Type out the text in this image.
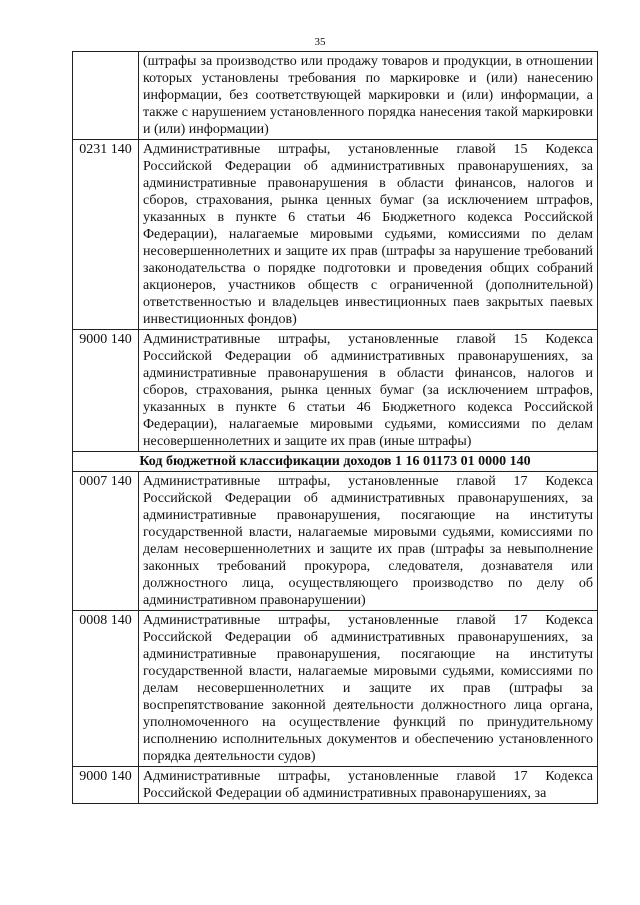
35
	(штрафы за производство или продажу товаров и продукции, в отношении которых установлены требования по маркировке и (или) нанесению информации, без соответствующей маркировки и (или) информации, а также с нарушением установленного порядка нанесения такой маркировки и (или) информации)
0231 140	Административные штрафы, установленные главой 15 Кодекса Российской Федерации об административных правонарушениях, за административные правонарушения в области финансов, налогов и сборов, страхования, рынка ценных бумаг (за исключением штрафов, указанных в пункте 6 статьи 46 Бюджетного кодекса Российской Федерации), налагаемые мировыми судьями, комиссиями по делам несовершеннолетних и защите их прав (штрафы за нарушение требований законодательства о порядке подготовки и проведения общих собраний акционеров, участников обществ с ограниченной (дополнительной) ответственностью и владельцев инвестиционных паев закрытых паевых инвестиционных фондов)
9000 140	Административные штрафы, установленные главой 15 Кодекса Российской Федерации об административных правонарушениях, за административные правонарушения в области финансов, налогов и сборов, страхования, рынка ценных бумаг (за исключением штрафов, указанных в пункте 6 статьи 46 Бюджетного кодекса Российской Федерации), налагаемые мировыми судьями, комиссиями по делам несовершеннолетних и защите их прав (иные штрафы)
Код бюджетной классификации доходов 1 16 01173 01 0000 140	
0007 140	Административные штрафы, установленные главой 17 Кодекса Российской Федерации об административных правонарушениях, за административные правонарушения, посягающие на институты государственной власти, налагаемые мировыми судьями, комиссиями по делам несовершеннолетних и защите их прав (штрафы за невыполнение законных требований прокурора, следователя, дознавателя или должностного лица, осуществляющего производство по делу об административном правонарушении)
0008 140	Административные штрафы, установленные главой 17 Кодекса Российской Федерации об административных правонарушениях, за административные правонарушения, посягающие на институты государственной власти, налагаемые мировыми судьями, комиссиями по делам несовершеннолетних и защите их прав (штрафы за воспрепятствование законной деятельности должностного лица органа, уполномоченного на осуществление функций по принудительному исполнению исполнительных документов и обеспечению установленного порядка деятельности судов)
9000 140	Административные штрафы, установленные главой 17 Кодекса Российской Федерации об административных правонарушениях, за
